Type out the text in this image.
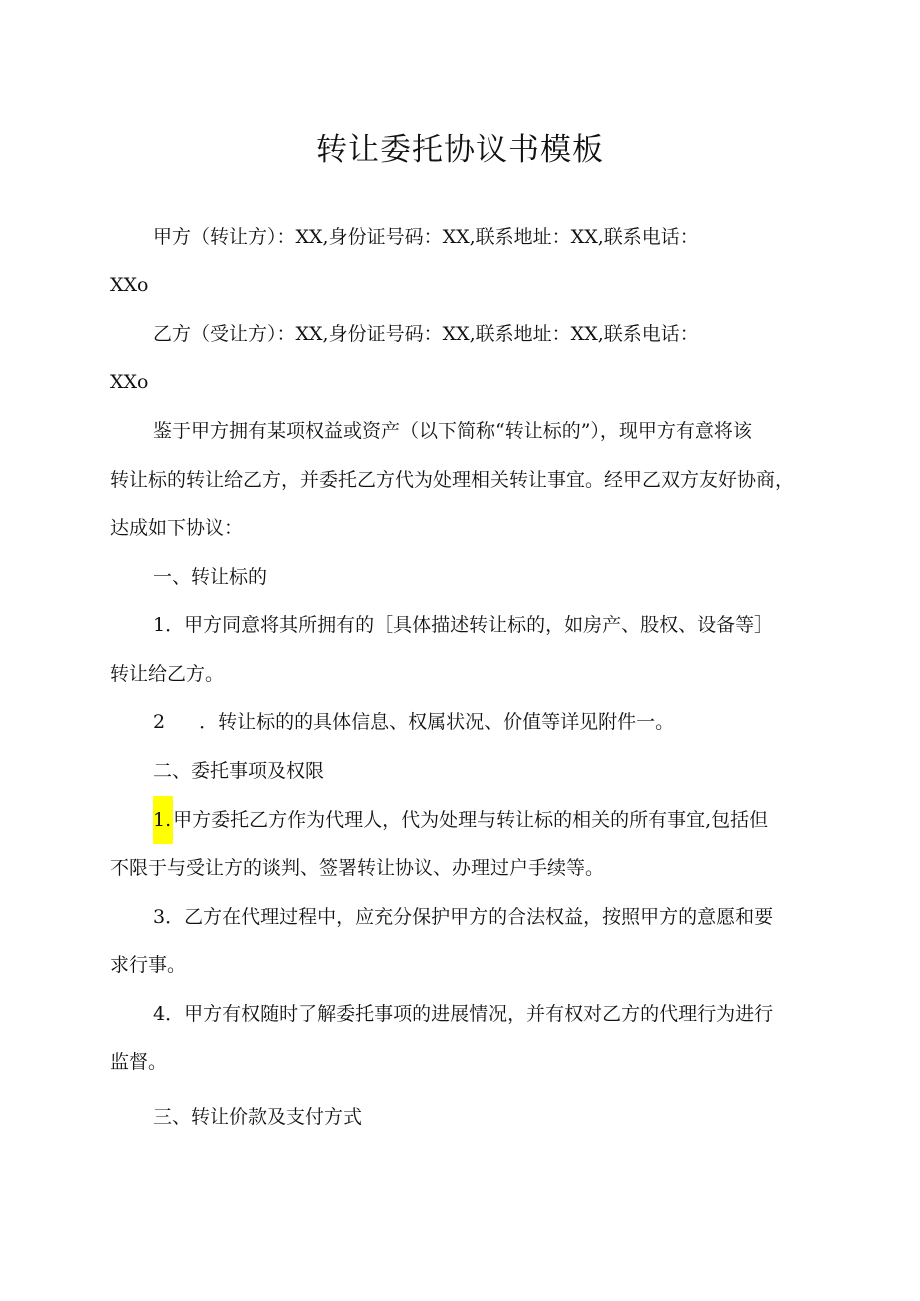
转让委托协议书模板
甲方（转让方）：XX,身份证号码：XX,联系地址：XX,联系电话：
XXo
乙方（受让方）：XX,身份证号码：XX,联系地址：XX,联系电话：
XXo
鉴于甲方拥有某项权益或资产（以下简称“转让标的”），现甲方有意将该
转让标的转让给乙方，并委托乙方代为处理相关转让事宜。经甲乙双方友好协商，
达成如下协议：
一、转让标的
1．甲方同意将其所拥有的［具体描述转让标的，如房产、股权、设备等］
转让给乙方。
2 ．转让标的的具体信息、权属状况、价值等详见附件一。
二、委托事项及权限
1. 甲方委托乙方作为代理人，代为处理与转让标的相关的所有事宜,包括但
不限于与受让方的谈判、签署转让协议、办理过户手续等。
3．乙方在代理过程中，应充分保护甲方的合法权益，按照甲方的意愿和要
求行事。
4．甲方有权随时了解委托事项的进展情况，并有权对乙方的代理行为进行
监督。
三、转让价款及支付方式
